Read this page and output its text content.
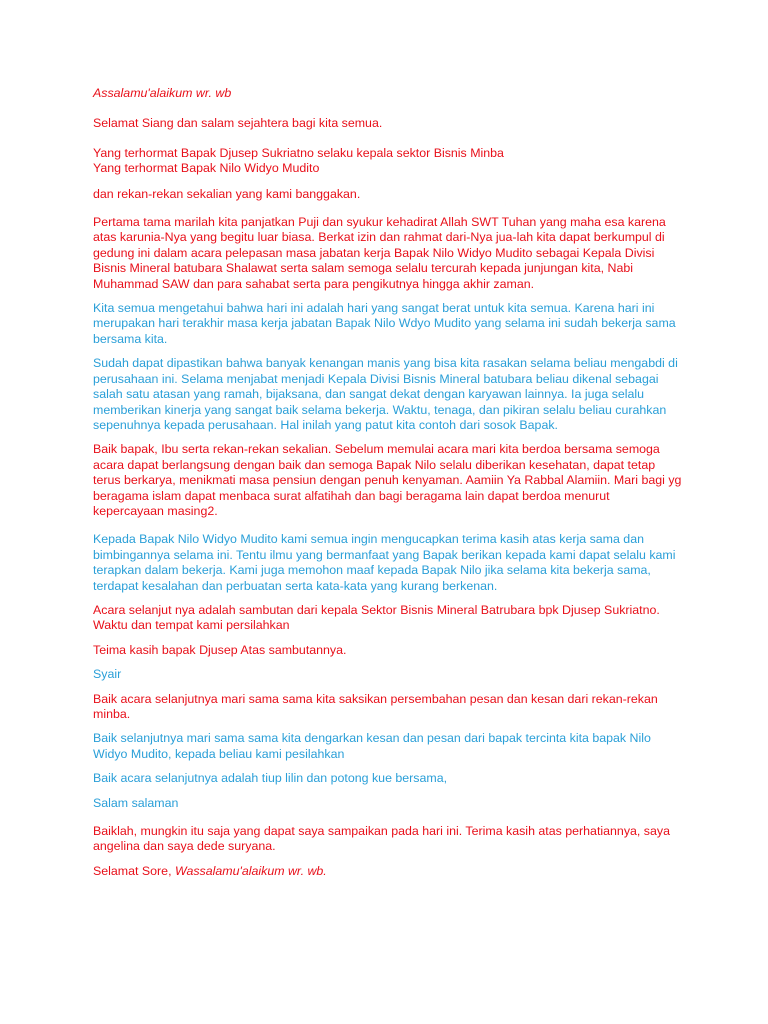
Assalamu'alaikum wr. wb

Selamat Siang dan salam sejahtera bagi kita semua.

Yang terhormat Bapak Djusep Sukriatno selaku kepala sektor Bisnis Minba

Yang terhormat Bapak Nilo Widyo Mudito

dan rekan-rekan sekalian yang kami banggakan.

Pertama tama marilah kita panjatkan Puji dan syukur kehadirat Allah SWT Tuhan yang maha esa karena atas karunia-Nya yang begitu luar biasa. Berkat izin dan rahmat dari-Nya jua-lah kita dapat berkumpul di gedung ini dalam acara pelepasan masa jabatan kerja Bapak Nilo Widyo Mudito sebagai Kepala Divisi Bisnis Mineral batubara Shalawat serta salam semoga selalu tercurah kepada junjungan kita, Nabi Muhammad SAW dan para sahabat serta para pengikutnya hingga akhir zaman.

Kita semua mengetahui bahwa hari ini adalah hari yang sangat berat untuk kita semua. Karena hari ini merupakan hari terakhir masa kerja jabatan Bapak Nilo Wdyo Mudito yang selama ini sudah bekerja sama bersama kita.

Sudah dapat dipastikan bahwa banyak kenangan manis yang bisa kita rasakan selama beliau mengabdi di perusahaan ini. Selama menjabat menjadi Kepala Divisi Bisnis Mineral batubara beliau dikenal sebagai salah satu atasan yang ramah, bijaksana, dan sangat dekat dengan karyawan lainnya. Ia juga selalu memberikan kinerja yang sangat baik selama bekerja. Waktu, tenaga, dan pikiran selalu beliau curahkan sepenuhnya kepada perusahaan. Hal inilah yang patut kita contoh dari sosok Bapak.

Baik bapak, Ibu serta rekan-rekan sekalian. Sebelum memulai acara mari kita berdoa bersama semoga acara dapat berlangsung dengan baik dan semoga Bapak Nilo selalu diberikan kesehatan, dapat tetap terus berkarya, menikmati masa pensiun dengan penuh kenyaman. Aamiin Ya Rabbal Alamiin. Mari bagi yg beragama islam dapat menbaca surat alfatihah dan bagi beragama lain dapat berdoa menurut kepercayaan masing2.

Kepada Bapak Nilo Widyo Mudito kami semua ingin mengucapkan terima kasih atas kerja sama dan bimbingannya selama ini. Tentu ilmu yang bermanfaat yang Bapak berikan kepada kami dapat selalu kami terapkan dalam bekerja. Kami juga memohon maaf kepada Bapak Nilo jika selama kita bekerja sama, terdapat kesalahan dan perbuatan serta kata-kata yang kurang berkenan.

Acara selanjut nya adalah sambutan dari kepala Sektor Bisnis Mineral Batrubara bpk Djusep Sukriatno. Waktu dan tempat kami persilahkan

Teima kasih bapak Djusep Atas sambutannya.

Syair

Baik acara selanjutnya mari sama sama kita saksikan persembahan pesan dan kesan dari rekan-rekan minba.

Baik selanjutnya mari sama sama kita dengarkan kesan dan pesan dari bapak tercinta kita bapak Nilo Widyo Mudito, kepada beliau kami pesilahkan

Baik acara selanjutnya adalah tiup lilin dan potong kue bersama,

Salam salaman

Baiklah, mungkin itu saja yang dapat saya sampaikan pada hari ini. Terima kasih atas perhatiannya, saya angelina dan saya dede suryana.

Selamat Sore, Wassalamu'alaikum wr. wb.
